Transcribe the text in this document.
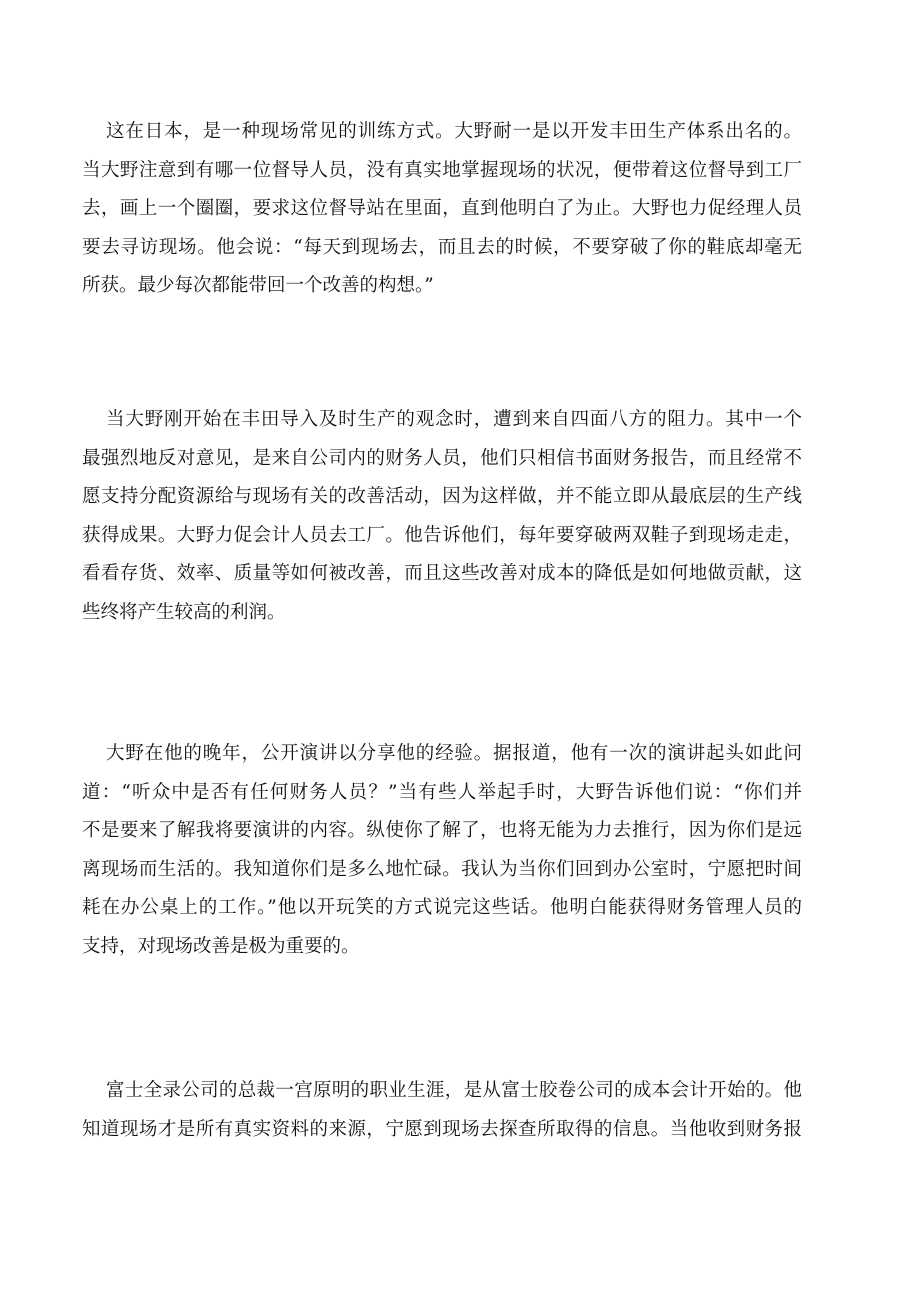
这在日本，是一种现场常见的训练方式。大野耐一是以开发丰田生产体系出名的。
当大野注意到有哪一位督导人员，没有真实地掌握现场的状况，便带着这位督导到工厂
去，画上一个圈圈，要求这位督导站在里面，直到他明白了为止。大野也力促经理人员
要去寻访现场。他会说：“每天到现场去，而且去的时候，不要穿破了你的鞋底却毫无
所获。最少每次都能带回一个改善的构想。”

当大野刚开始在丰田导入及时生产的观念时，遭到来自四面八方的阻力。其中一个
最强烈地反对意见，是来自公司内的财务人员，他们只相信书面财务报告，而且经常不
愿支持分配资源给与现场有关的改善活动，因为这样做，并不能立即从最底层的生产线
获得成果。大野力促会计人员去工厂。他告诉他们，每年要穿破两双鞋子到现场走走，
看看存货、效率、质量等如何被改善，而且这些改善对成本的降低是如何地做贡献，这
些终将产生较高的利润。

大野在他的晚年，公开演讲以分享他的经验。据报道，他有一次的演讲起头如此问
道：“听众中是否有任何财务人员？”当有些人举起手时，大野告诉他们说：“你们并
不是要来了解我将要演讲的内容。纵使你了解了，也将无能为力去推行，因为你们是远
离现场而生活的。我知道你们是多么地忙碌。我认为当你们回到办公室时，宁愿把时间
耗在办公桌上的工作。”他以开玩笑的方式说完这些话。他明白能获得财务管理人员的
支持，对现场改善是极为重要的。

富士全录公司的总裁一宫原明的职业生涯，是从富士胶卷公司的成本会计开始的。他
知道现场才是所有真实资料的来源，宁愿到现场去探查所取得的信息。当他收到财务报
